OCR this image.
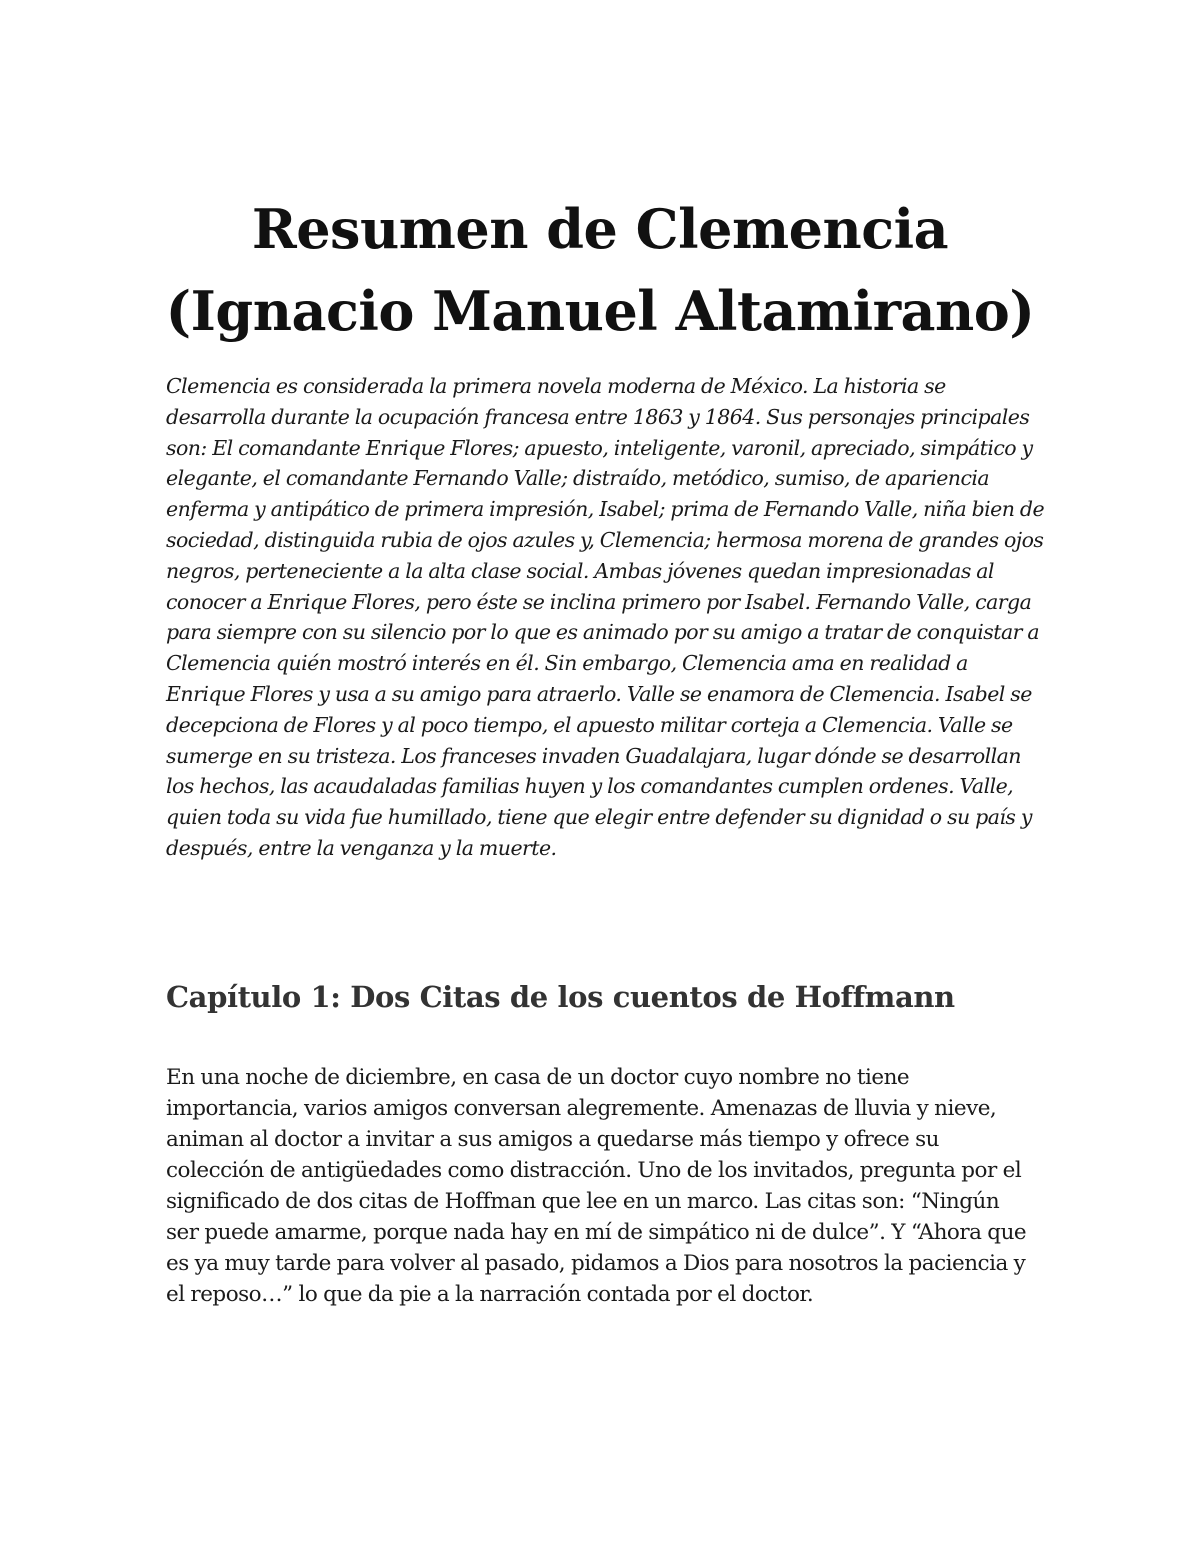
Resumen de Clemencia
(Ignacio Manuel Altamirano)

Clemencia es considerada la primera novela moderna de México. La historia se desarrolla durante la ocupación francesa entre 1863 y 1864. Sus personajes principales son: El comandante Enrique Flores; apuesto, inteligente, varonil, apreciado, simpático y elegante, el comandante Fernando Valle; distraído, metódico, sumiso, de apariencia enferma y antipático de primera impresión, Isabel; prima de Fernando Valle, niña bien de sociedad, distinguida rubia de ojos azules y, Clemencia; hermosa morena de grandes ojos negros, perteneciente a la alta clase social. Ambas jóvenes quedan impresionadas al conocer a Enrique Flores, pero éste se inclina primero por Isabel. Fernando Valle, carga para siempre con su silencio por lo que es animado por su amigo a tratar de conquistar a Clemencia quién mostró interés en él. Sin embargo, Clemencia ama en realidad a Enrique Flores y usa a su amigo para atraerlo. Valle se enamora de Clemencia. Isabel se decepciona de Flores y al poco tiempo, el apuesto militar corteja a Clemencia. Valle se sumerge en su tristeza. Los franceses invaden Guadalajara, lugar dónde se desarrollan los hechos, las acaudaladas familias huyen y los comandantes cumplen ordenes. Valle, quien toda su vida fue humillado, tiene que elegir entre defender su dignidad o su país y después, entre la venganza y la muerte.

Capítulo 1: Dos Citas de los cuentos de Hoffmann

En una noche de diciembre, en casa de un doctor cuyo nombre no tiene importancia, varios amigos conversan alegremente. Amenazas de lluvia y nieve, animan al doctor a invitar a sus amigos a quedarse más tiempo y ofrece su colección de antigüedades como distracción. Uno de los invitados, pregunta por el significado de dos citas de Hoffman que lee en un marco. Las citas son: “Ningún ser puede amarme, porque nada hay en mí de simpático ni de dulce”. Y “Ahora que es ya muy tarde para volver al pasado, pidamos a Dios para nosotros la paciencia y el reposo…” lo que da pie a la narración contada por el doctor.
